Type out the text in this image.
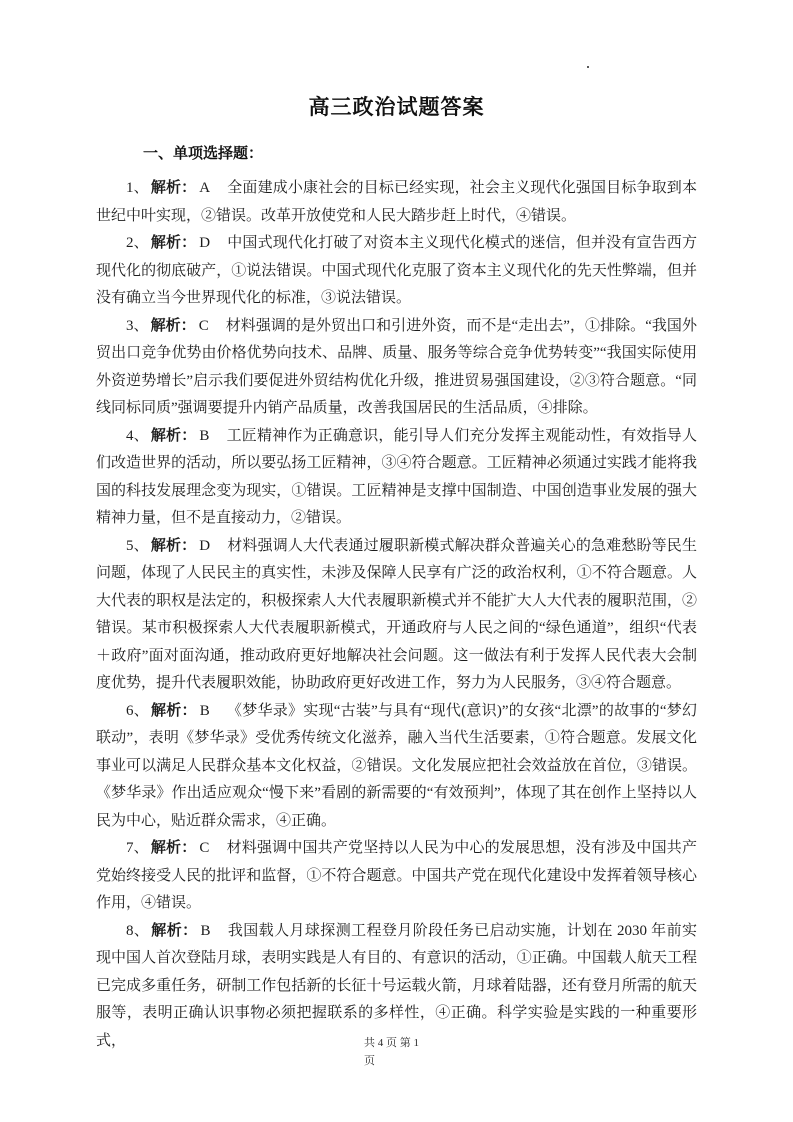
高三政治试题答案
一、单项选择题：

1、 解析： A 全面建成小康社会的目标已经实现，社会主义现代化强国目标争取到本世纪中叶实现，②错误。改革开放使党和人民大踏步赶上时代，④错误。

2、 解析： D 中国式现代化打破了对资本主义现代化模式的迷信，但并没有宣告西方现代化的彻底破产，①说法错误。中国式现代化克服了资本主义现代化的先天性弊端，但并没有确立当今世界现代化的标准，③说法错误。

3、 解析： C 材料强调的是外贸出口和引进外资，而不是“走出去”，①排除。“我国外贸出口竞争优势由价格优势向技术、品牌、质量、服务等综合竞争优势转变”“我国实际使用外资逆势增长”启示我们要促进外贸结构优化升级，推进贸易强国建设，②③符合题意。“同线同标同质”强调要提升内销产品质量，改善我国居民的生活品质，④排除。

4、 解析： B 工匠精神作为正确意识，能引导人们充分发挥主观能动性，有效指导人们改造世界的活动，所以要弘扬工匠精神，③④符合题意。工匠精神必须通过实践才能将我国的科技发展理念变为现实，①错误。工匠精神是支撑中国制造、中国创造事业发展的强大精神力量，但不是直接动力，②错误。

5、 解析： D 材料强调人大代表通过履职新模式解决群众普遍关心的急难愁盼等民生问题，体现了人民民主的真实性，未涉及保障人民享有广泛的政治权利，①不符合题意。人大代表的职权是法定的，积极探索人大代表履职新模式并不能扩大人大代表的履职范围，②错误。某市积极探索人大代表履职新模式，开通政府与人民之间的“绿色通道”，组织“代表＋政府”面对面沟通，推动政府更好地解决社会问题。这一做法有利于发挥人民代表大会制度优势，提升代表履职效能，协助政府更好改进工作，努力为人民服务，③④符合题意。

6、 解析： B 《梦华录》实现“古装”与具有“现代(意识)”的女孩“北漂”的故事的“梦幻联动”，表明《梦华录》受优秀传统文化滋养，融入当代生活要素，①符合题意。发展文化事业可以满足人民群众基本文化权益，②错误。文化发展应把社会效益放在首位，③错误。《梦华录》作出适应观众“慢下来”看剧的新需要的“有效预判”，体现了其在创作上坚持以人民为中心，贴近群众需求，④正确。

7、 解析： C 材料强调中国共产党坚持以人民为中心的发展思想，没有涉及中国共产党始终接受人民的批评和监督，①不符合题意。中国共产党在现代化建设中发挥着领导核心作用，④错误。

8、 解析： B 我国载人月球探测工程登月阶段任务已启动实施，计划在 2030 年前实现中国人首次登陆月球，表明实践是人有目的、有意识的活动，①正确。中国载人航天工程已完成多重任务，研制工作包括新的长征十号运载火箭，月球着陆器，还有登月所需的航天服等，表明正确认识事物必须把握联系的多样性，④正确。科学实验是实践的一种重要形式，	共 4 页 第 1
页
